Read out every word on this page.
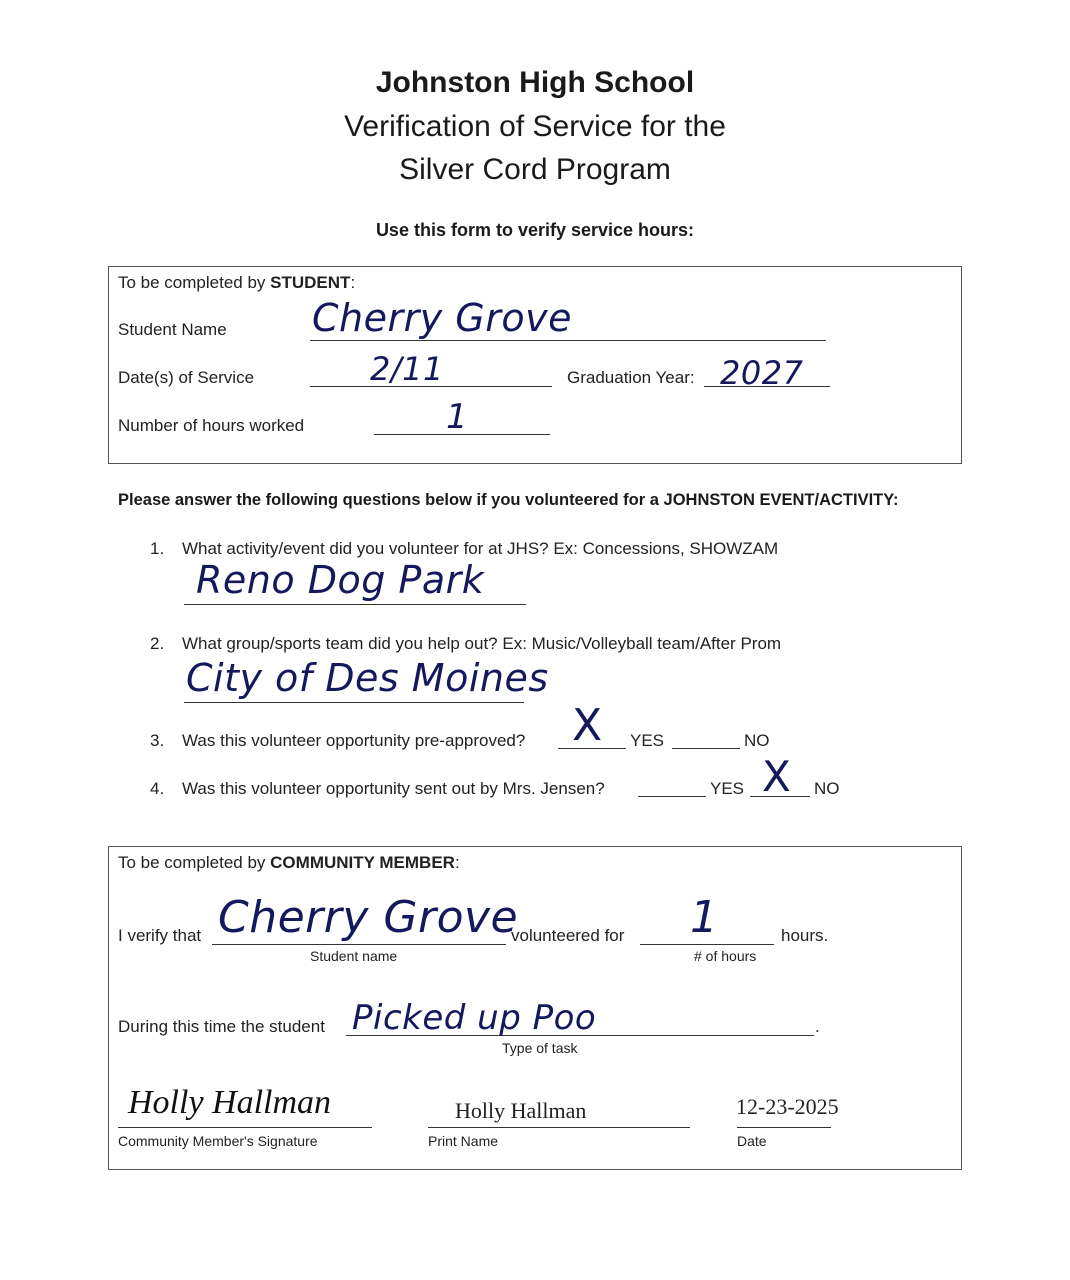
Johnston High School
Verification of Service for the
Silver Cord Program
Use this form to verify service hours:
To be completed by STUDENT:
Student Name Cherry Grove
Date(s) of Service	2/11	Graduation Year: 2027
Number of hours worked	1
Please answer the following questions below if you volunteered for a JOHNSTON EVENT/ACTIVITY:
1. What activity/event did you volunteer for at JHS? Ex: Concessions, SHOWZAM
Reno Dog Park
2. What group/sports team did you help out? Ex: Music/Volleyball team/After Prom
City of Des Moines
3. Was this volunteer opportunity pre-approved? X YES	NO
4. Was this volunteer opportunity sent out by Mrs. Jensen?	YES X NO
To be completed by COMMUNITY MEMBER:
I verify that Cherry Grove
Student name
volunteered for 1
# of hours
hours.
During this time the student Picked up Poo
Type of task
.
Holly Hallman
Community Member's Signature
Holly Hallman
Print Name
12-23-2025
Date
